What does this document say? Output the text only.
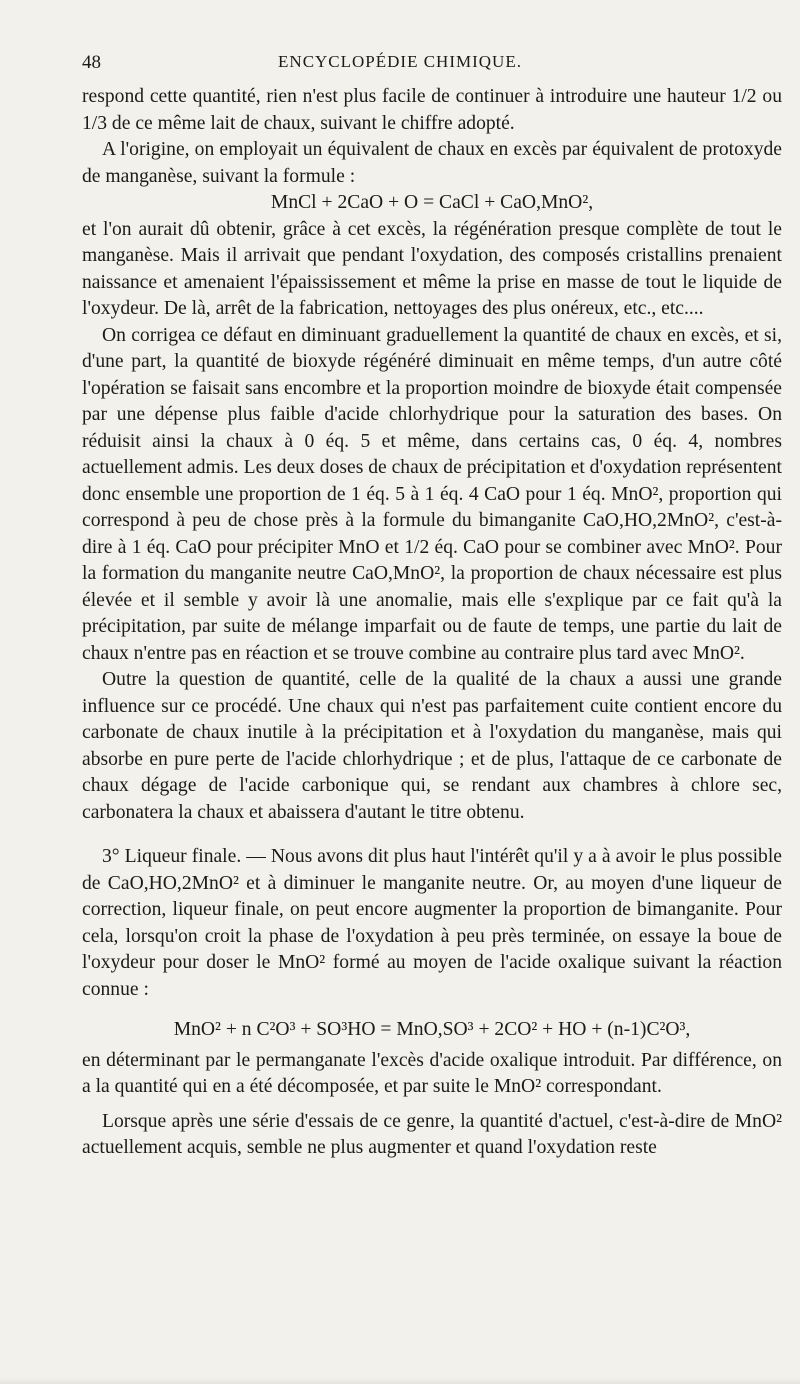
48	ENCYCLOPÉDIE CHIMIQUE.

respond cette quantité, rien n'est plus facile de continuer à introduire une hauteur 1/2 ou 1/3 de ce même lait de chaux, suivant le chiffre adopté.

A l'origine, on employait un équivalent de chaux en excès par équivalent de protoxyde de manganèse, suivant la formule :

MnCl + 2CaO + O = CaCl + CaO,MnO²,

et l'on aurait dû obtenir, grâce à cet excès, la régénération presque complète de tout le manganèse. Mais il arrivait que pendant l'oxydation, des composés cristallins prenaient naissance et amenaient l'épaississement et même la prise en masse de tout le liquide de l'oxydeur. De là, arrêt de la fabrication, nettoyages des plus onéreux, etc., etc....

On corrigea ce défaut en diminuant graduellement la quantité de chaux en excès, et si, d'une part, la quantité de bioxyde régénéré diminuait en même temps, d'un autre côté l'opération se faisait sans encombre et la proportion moindre de bioxyde était compensée par une dépense plus faible d'acide chlorhydrique pour la saturation des bases. On réduisit ainsi la chaux à 0 éq. 5 et même, dans certains cas, 0 éq. 4, nombres actuellement admis. Les deux doses de chaux de précipitation et d'oxydation représentent donc ensemble une proportion de 1 éq. 5 à 1 éq. 4 CaO pour 1 éq. MnO², proportion qui correspond à peu de chose près à la formule du bimanganite CaO,HO,2MnO², c'est-à-dire à 1 éq. CaO pour précipiter MnO et 1/2 éq. CaO pour se combiner avec MnO². Pour la formation du manganite neutre CaO,MnO², la proportion de chaux nécessaire est plus élevée et il semble y avoir là une anomalie, mais elle s'explique par ce fait qu'à la précipitation, par suite de mélange imparfait ou de faute de temps, une partie du lait de chaux n'entre pas en réaction et se trouve combine au contraire plus tard avec MnO².

Outre la question de quantité, celle de la qualité de la chaux a aussi une grande influence sur ce procédé. Une chaux qui n'est pas parfaitement cuite contient encore du carbonate de chaux inutile à la précipitation et à l'oxydation du manganèse, mais qui absorbe en pure perte de l'acide chlorhydrique ; et de plus, l'attaque de ce carbonate de chaux dégage de l'acide carbonique qui, se rendant aux chambres à chlore sec, carbonatera la chaux et abaissera d'autant le titre obtenu.

3° Liqueur finale. — Nous avons dit plus haut l'intérêt qu'il y a à avoir le plus possible de CaO,HO,2MnO² et à diminuer le manganite neutre. Or, au moyen d'une liqueur de correction, liqueur finale, on peut encore augmenter la proportion de bimanganite. Pour cela, lorsqu'on croit la phase de l'oxydation à peu près terminée, on essaye la boue de l'oxydeur pour doser le MnO² formé au moyen de l'acide oxalique suivant la réaction connue :

MnO² + n C²O³ + SO³HO = MnO,SO³ + 2CO² + HO + (n-1)C²O³,

en déterminant par le permanganate l'excès d'acide oxalique introduit. Par différence, on a la quantité qui en a été décomposée, et par suite le MnO² correspondant.

Lorsque après une série d'essais de ce genre, la quantité d'actuel, c'est-à-dire de MnO² actuellement acquis, semble ne plus augmenter et quand l'oxydation reste
